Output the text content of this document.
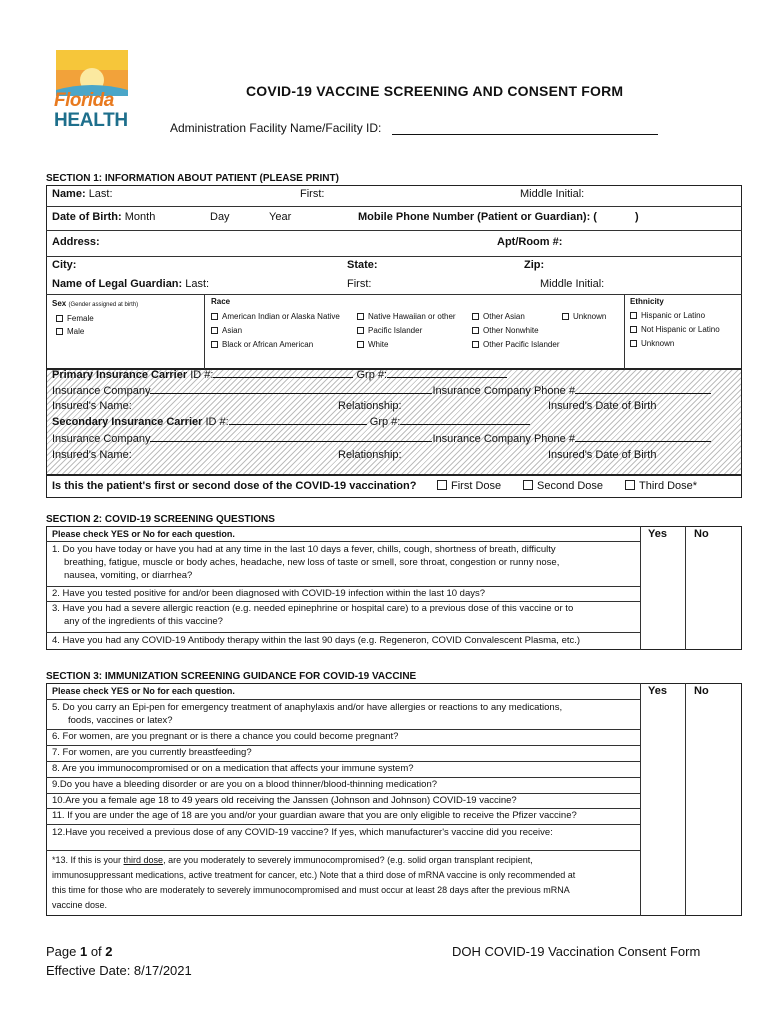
Florida
HEALTH
COVID-19 VACCINE SCREENING AND CONSENT FORM
Administration Facility Name/Facility ID:
SECTION 1: INFORMATION ABOUT PATIENT (PLEASE PRINT)
Name: Last:	First:	Middle Initial:
Date of Birth: Month	Day	Year	Mobile Phone Number (Patient or Guardian): (	)
Address:	Apt/Room #:
City:	State:	Zip:
Name of Legal Guardian: Last:	First:	Middle Initial:
Sex (Gender assigned at birth)
Female
Male
Race
American Indian or Alaska Native
Asian
Black or African American
Native Hawaiian or other
Pacific Islander
White
Other Asian
Other Nonwhite
Other Pacific Islander
Unknown
Ethnicity
Hispanic or Latino
Not Hispanic or Latino
Unknown
Primary Insurance Carrier ID #:	Grp #:
Insurance Company	Insurance Company Phone #
Insured's Name:	Relationship:	Insured's Date of Birth
Secondary Insurance Carrier ID #:	Grp #:
Insurance Company	Insurance Company Phone #
Insured's Name:	Relationship:	Insured's Date of Birth
Is this the patient's first or second dose of the COVID-19 vaccination?	First Dose	Second Dose	Third Dose*
SECTION 2: COVID-19 SCREENING QUESTIONS
Please check YES or No for each question.	Yes No
1. Do you have today or have you had at any time in the last 10 days a fever, chills, cough, shortness of breath, difficulty
breathing, fatigue, muscle or body aches, headache, new loss of taste or smell, sore throat, congestion or runny nose,
nausea, vomiting, or diarrhea?
2. Have you tested positive for and/or been diagnosed with COVID-19 infection within the last 10 days?
3. Have you had a severe allergic reaction (e.g. needed epinephrine or hospital care) to a previous dose of this vaccine or to
any of the ingredients of this vaccine?
4. Have you had any COVID-19 Antibody therapy within the last 90 days (e.g. Regeneron, COVID Convalescent Plasma, etc.)
SECTION 3: IMMUNIZATION SCREENING GUIDANCE FOR COVID-19 VACCINE
Please check YES or No for each question.	Yes No
5. Do you carry an Epi-pen for emergency treatment of anaphylaxis and/or have allergies or reactions to any medications,
foods, vaccines or latex?
6. For women, are you pregnant or is there a chance you could become pregnant?
7. For women, are you currently breastfeeding?
8. Are you immunocompromised or on a medication that affects your immune system?
9.Do you have a bleeding disorder or are you on a blood thinner/blood-thinning medication?
10.Are you a female age 18 to 49 years old receiving the Janssen (Johnson and Johnson) COVID-19 vaccine?
11. If you are under the age of 18 are you and/or your guardian aware that you are only eligible to receive the Pfizer vaccine?
12.Have you received a previous dose of any COVID-19 vaccine? If yes, which manufacturer's vaccine did you receive:
*13. If this is your third dose, are you moderately to severely immunocompromised? (e.g. solid organ transplant recipient,
immunosuppressant medications, active treatment for cancer, etc.) Note that a third dose of mRNA vaccine is only recommended at
this time for those who are moderately to severely immunocompromised and must occur at least 28 days after the previous mRNA
vaccine dose.
Page 1 of 2
Effective Date: 8/17/2021
DOH COVID-19 Vaccination Consent Form
